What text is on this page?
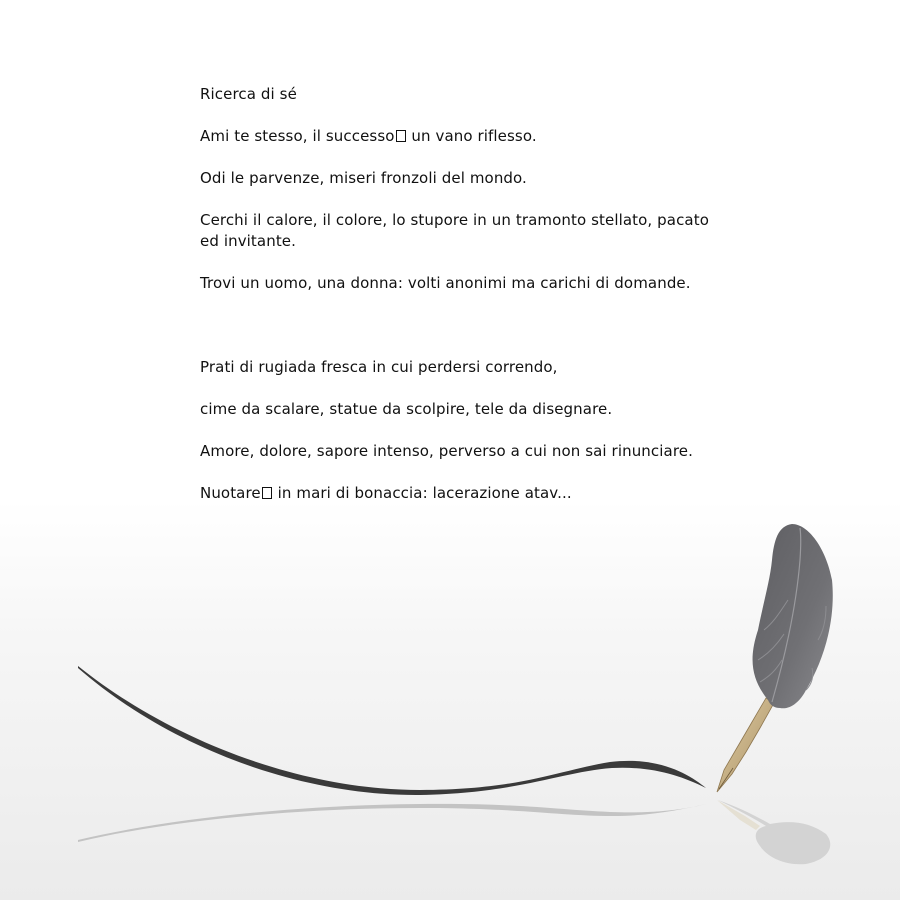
Ricerca di sé

Ami te stesso, il successo un vano riflesso.

Odi le parvenze, miseri fronzoli del mondo.

Cerchi il calore, il colore, lo stupore in un tramonto stellato, pacato ed invitante.

Trovi un uomo, una donna: volti anonimi ma carichi di domande.

Prati di rugiada fresca in cui perdersi correndo,

cime da scalare, statue da scolpire, tele da disegnare.

Amore, dolore, sapore intenso, perverso a cui non sai rinunciare.

Nuotare in mari di bonaccia: lacerazione atav...
